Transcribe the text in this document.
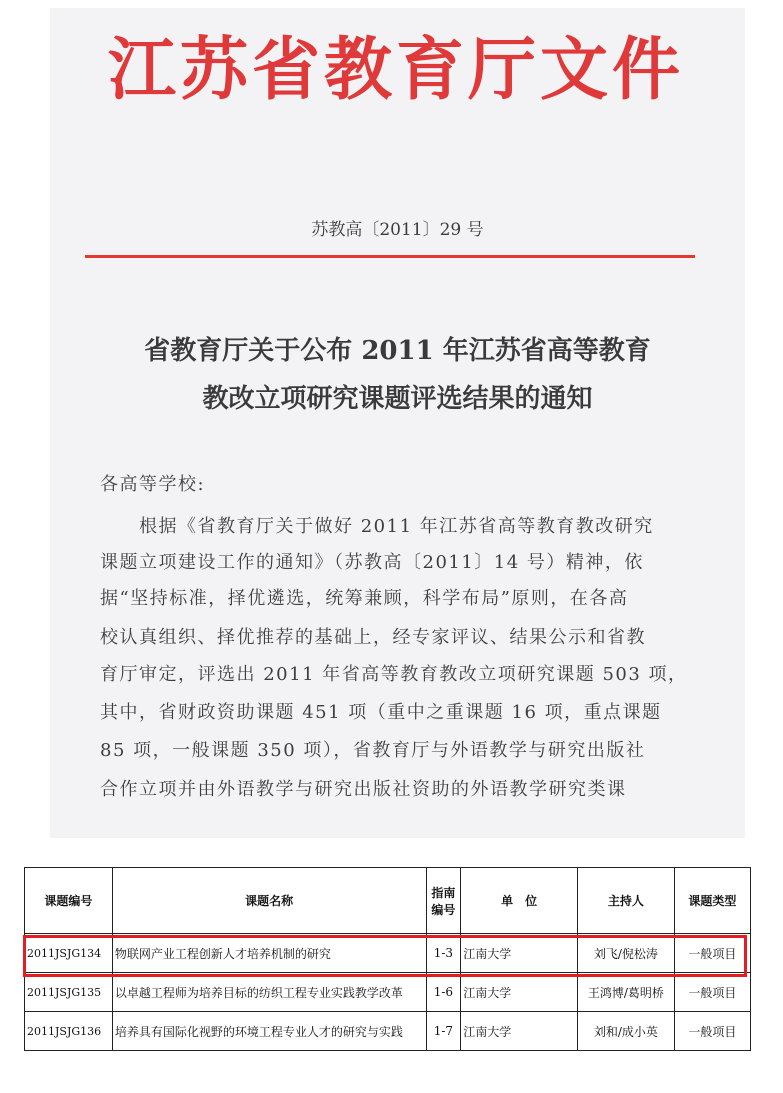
江苏省教育厅文件
苏教高〔2011〕29 号
省教育厅关于公布 2011 年江苏省高等教育
教改立项研究课题评选结果的通知
各高等学校:
　　根据《省教育厅关于做好 2011 年江苏省高等教育教改研究
课题立项建设工作的通知》（苏教高〔2011〕14 号）精神，依
据“坚持标准，择优遴选，统筹兼顾，科学布局”原则，在各高
校认真组织、择优推荐的基础上，经专家评议、结果公示和省教
育厅审定，评选出 2011 年省高等教育教改立项研究课题 503 项，
其中，省财政资助课题 451 项（重中之重课题 16 项，重点课题
85 项，一般课题 350 项），省教育厅与外语教学与研究出版社
合作立项并由外语教学与研究出版社资助的外语教学研究类课
课题编号	课题名称	指南编号	单　位	主持人	课题类型
2011JSJG134	物联网产业工程创新人才培养机制的研究	1-3	江南大学	刘飞/倪松涛	一般项目
2011JSJG135	以卓越工程师为培养目标的纺织工程专业实践教学改革	1-6	江南大学	王鸿博/葛明桥	一般项目
2011JSJG136	培养具有国际化视野的环境工程专业人才的研究与实践	1-7	江南大学	刘和/成小英	一般项目
